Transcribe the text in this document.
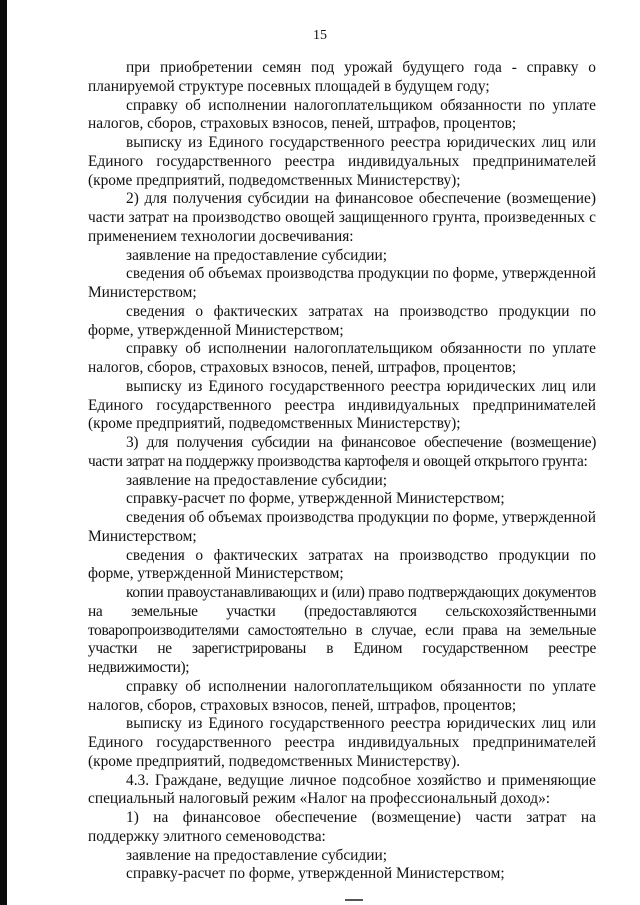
15

при приобретении семян под урожай будущего года - справку о планируемой структуре посевных площадей в будущем году;

справку об исполнении налогоплательщиком обязанности по уплате налогов, сборов, страховых взносов, пеней, штрафов, процентов;

выписку из Единого государственного реестра юридических лиц или Единого государственного реестра индивидуальных предпринимателей (кроме предприятий, подведомственных Министерству);

2) для получения субсидии на финансовое обеспечение (возмещение) части затрат на производство овощей защищенного грунта, произведенных с применением технологии досвечивания:

заявление на предоставление субсидии;

сведения об объемах производства продукции по форме, утвержденной Министерством;

сведения о фактических затратах на производство продукции по форме, утвержденной Министерством;

справку об исполнении налогоплательщиком обязанности по уплате налогов, сборов, страховых взносов, пеней, штрафов, процентов;

выписку из Единого государственного реестра юридических лиц или Единого государственного реестра индивидуальных предпринимателей (кроме предприятий, подведомственных Министерству);

3) для получения субсидии на финансовое обеспечение (возмещение) части затрат на поддержку производства картофеля и овощей открытого грунта:

заявление на предоставление субсидии;

справку-расчет по форме, утвержденной Министерством;

сведения об объемах производства продукции по форме, утвержденной Министерством;

сведения о фактических затратах на производство продукции по форме, утвержденной Министерством;

копии правоустанавливающих и (или) право подтверждающих документов на земельные участки (предоставляются сельскохозяйственными товаропроизводителями самостоятельно в случае, если права на земельные участки не зарегистрированы в Едином государственном реестре недвижимости);

справку об исполнении налогоплательщиком обязанности по уплате налогов, сборов, страховых взносов, пеней, штрафов, процентов;

выписку из Единого государственного реестра юридических лиц или Единого государственного реестра индивидуальных предпринимателей (кроме предприятий, подведомственных Министерству).

4.3. Граждане, ведущие личное подсобное хозяйство и применяющие специальный налоговый режим «Налог на профессиональный доход»:

1) на финансовое обеспечение (возмещение) части затрат на поддержку элитного семеноводства:

заявление на предоставление субсидии;

справку-расчет по форме, утвержденной Министерством;
